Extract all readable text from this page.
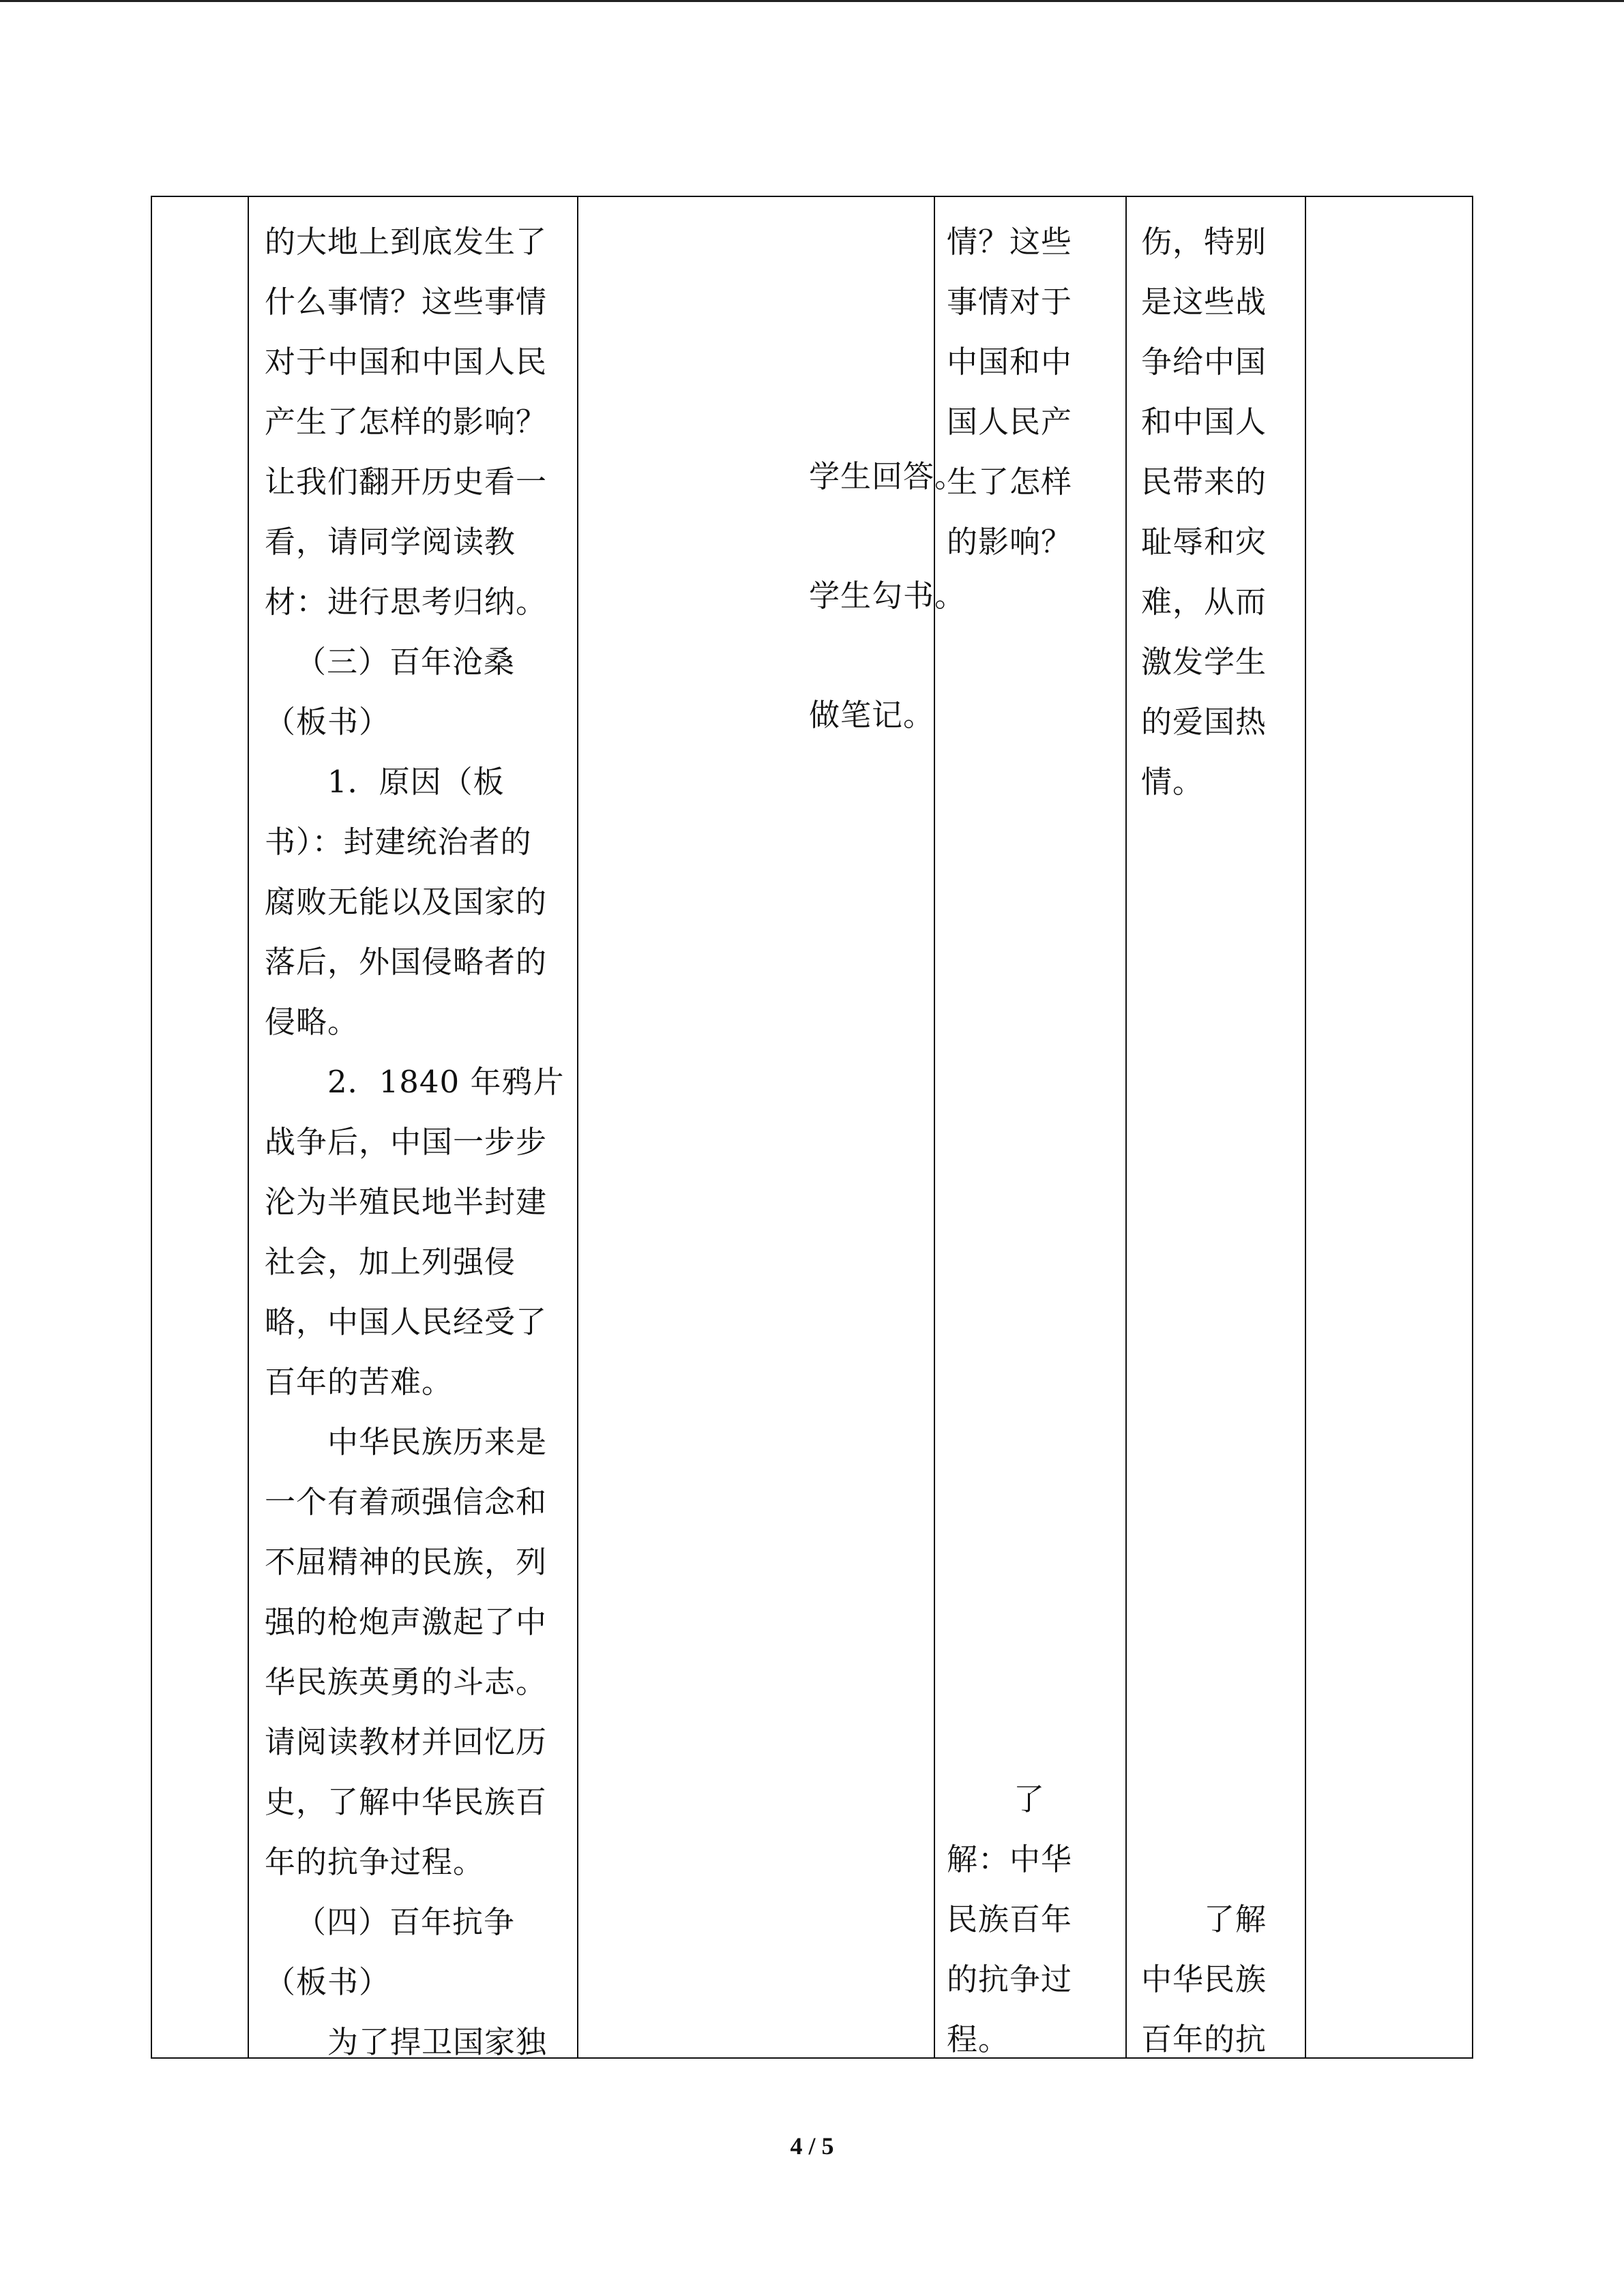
的大地上到底发生了
什么事情？这些事情
对于中国和中国人民
产生了怎样的影响？
让我们翻开历史看一
看，请同学阅读教
材：进行思考归纳。
（三）百年沧桑
（板书）
1．原因（板
书）：封建统治者的
腐败无能以及国家的
落后，外国侵略者的
侵略。
2．1840 年鸦片
战争后，中国一步步
沦为半殖民地半封建
社会，加上列强侵
略，中国人民经受了
百年的苦难。
中华民族历来是
一个有着顽强信念和
不屈精神的民族，列
强的枪炮声激起了中
华民族英勇的斗志。
请阅读教材并回忆历
史，了解中华民族百
年的抗争过程。
（四）百年抗争
（板书）
为了捍卫国家独
学生回答。
学生勾书。
做笔记。
情？这些
事情对于
中国和中
国人民产
生了怎样
的影响？
了
解：中华
民族百年
的抗争过
程。
伤，特别
是这些战
争给中国
和中国人
民带来的
耻辱和灾
难，从而
激发学生
的爱国热
情。
了解
中华民族
百年的抗
4 / 5
